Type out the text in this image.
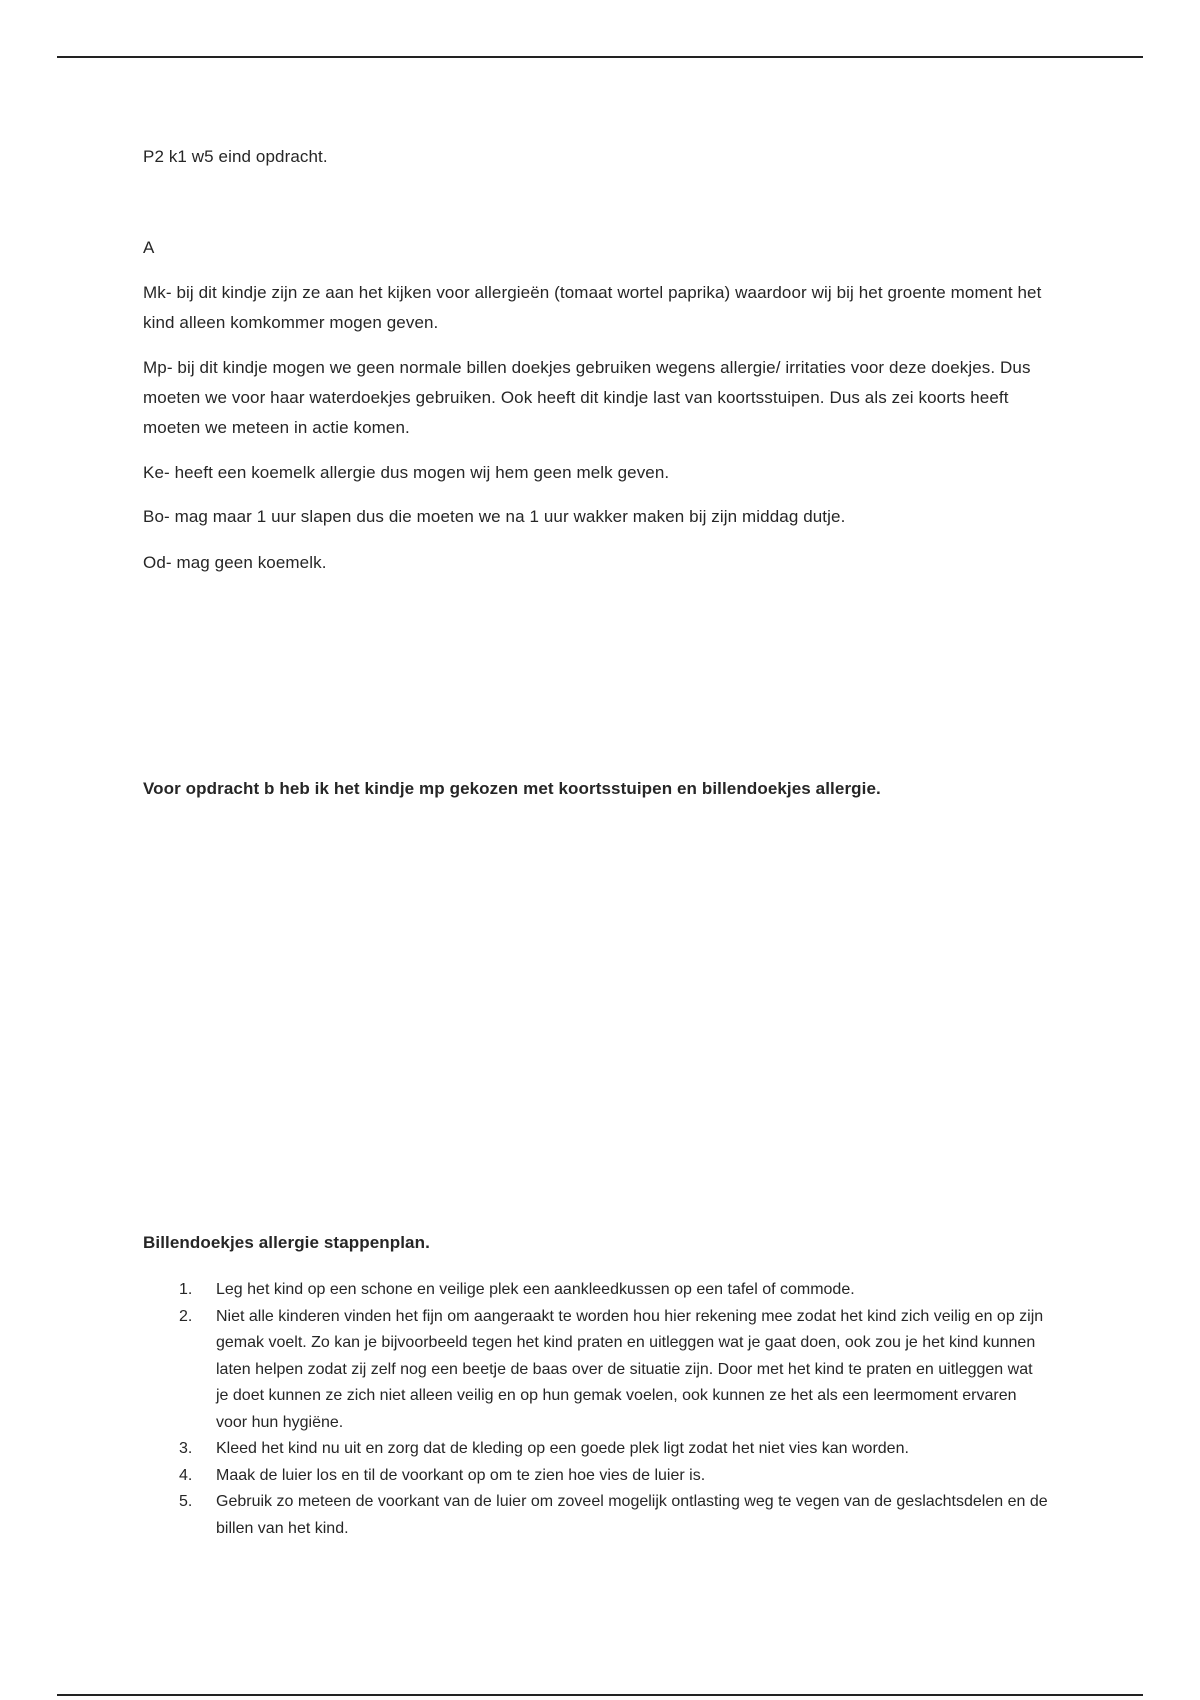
P2 k1 w5 eind opdracht.

A

Mk- bij dit kindje zijn ze aan het kijken voor allergieën (tomaat wortel paprika) waardoor wij bij het groente moment het kind alleen komkommer mogen geven.

Mp- bij dit kindje mogen we geen normale billen doekjes gebruiken wegens allergie/ irritaties voor deze doekjes. Dus moeten we voor haar waterdoekjes gebruiken. Ook heeft dit kindje last van koortsstuipen. Dus als zei koorts heeft moeten we meteen in actie komen.

Ke- heeft een koemelk allergie dus mogen wij hem geen melk geven.

Bo- mag maar 1 uur slapen dus die moeten we na 1 uur wakker maken bij zijn middag dutje.

Od- mag geen koemelk.

Voor opdracht b heb ik het kindje mp gekozen met koortsstuipen en billendoekjes allergie.

Billendoekjes allergie stappenplan.

1. Leg het kind op een schone en veilige plek een aankleedkussen op een tafel of commode.
2. Niet alle kinderen vinden het fijn om aangeraakt te worden hou hier rekening mee zodat het kind zich veilig en op zijn gemak voelt. Zo kan je bijvoorbeeld tegen het kind praten en uitleggen wat je gaat doen, ook zou je het kind kunnen laten helpen zodat zij zelf nog een beetje de baas over de situatie zijn. Door met het kind te praten en uitleggen wat je doet kunnen ze zich niet alleen veilig en op hun gemak voelen, ook kunnen ze het als een leermoment ervaren voor hun hygiëne.
3. Kleed het kind nu uit en zorg dat de kleding op een goede plek ligt zodat het niet vies kan worden.
4. Maak de luier los en til de voorkant op om te zien hoe vies de luier is.
5. Gebruik zo meteen de voorkant van de luier om zoveel mogelijk ontlasting weg te vegen van de geslachtsdelen en de billen van het kind.
